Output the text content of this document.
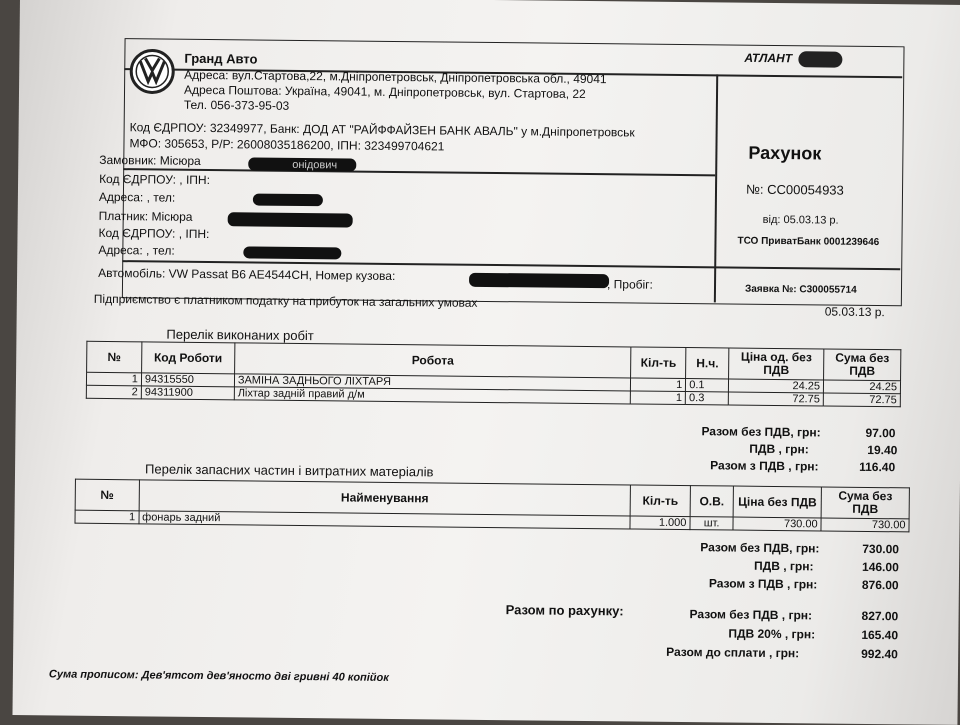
Гранд Авто
Адреса: вул.Стартова,22, м.Дніпропетровськ, Дніпропетровська обл., 49041
Адреса Поштова: Україна, 49041, м. Дніпропетровськ, вул. Стартова, 22
Тел. 056-373-95-03
Код ЄДРПОУ: 32349977, Банк: ДОД АТ "РАЙФФАЙЗЕН БАНК АВАЛЬ" у м.Дніпропетровськ
МФО: 305653, Р/Р: 26008035186200, ІПН: 323499704621
АТЛАНТ
Рахунок
№: СС00054933
від: 05.03.13 р.
ТСО ПриватБанк 0001239646
Заявка №: С300055714
Замовник: Місюра	онідович
Код ЄДРПОУ: , ІПН:
Адреса: , тел:
Платник: Місюра
Код ЄДРПОУ: , ІПН:
Адреса: , тел:
Автомобіль: VW Passat B6 AE4544CH, Номер кузова:
, Пробіг:
Підприємство є платником податку на прибуток на загальних умовах
05.03.13 р.
Перелік виконаних робіт
№	Код Роботи	Робота	Кіл-ть	Н.ч.	Ціна од. без ПДВ	Сума без ПДВ
1	94315550	ЗАМІНА ЗАДНЬОГО ЛІХТАРЯ	1	0.1	24.25	24.25
2	94311900	Ліхтар задній правий д/м	1	0.3	72.75	72.75
Разом без ПДВ, грн:	97.00
ПДВ , грн:	19.40
Разом з ПДВ , грн:	116.40
Перелік запасних частин і витратних матеріалів
№	Найменування	Кіл-ть	О.В.	Ціна без ПДВ	Сума без ПДВ
1	фонарь задний	1.000	шт.	730.00	730.00
Разом без ПДВ, грн:	730.00
ПДВ , грн:	146.00
Разом з ПДВ , грн:	876.00
Разом по рахунку:	Разом без ПДВ , грн:	827.00
ПДВ 20% , грн:	165.40
Разом до сплати , грн:	992.40
Сума прописом: Дев'ятсот дев'яносто дві гривні 40 копійок
